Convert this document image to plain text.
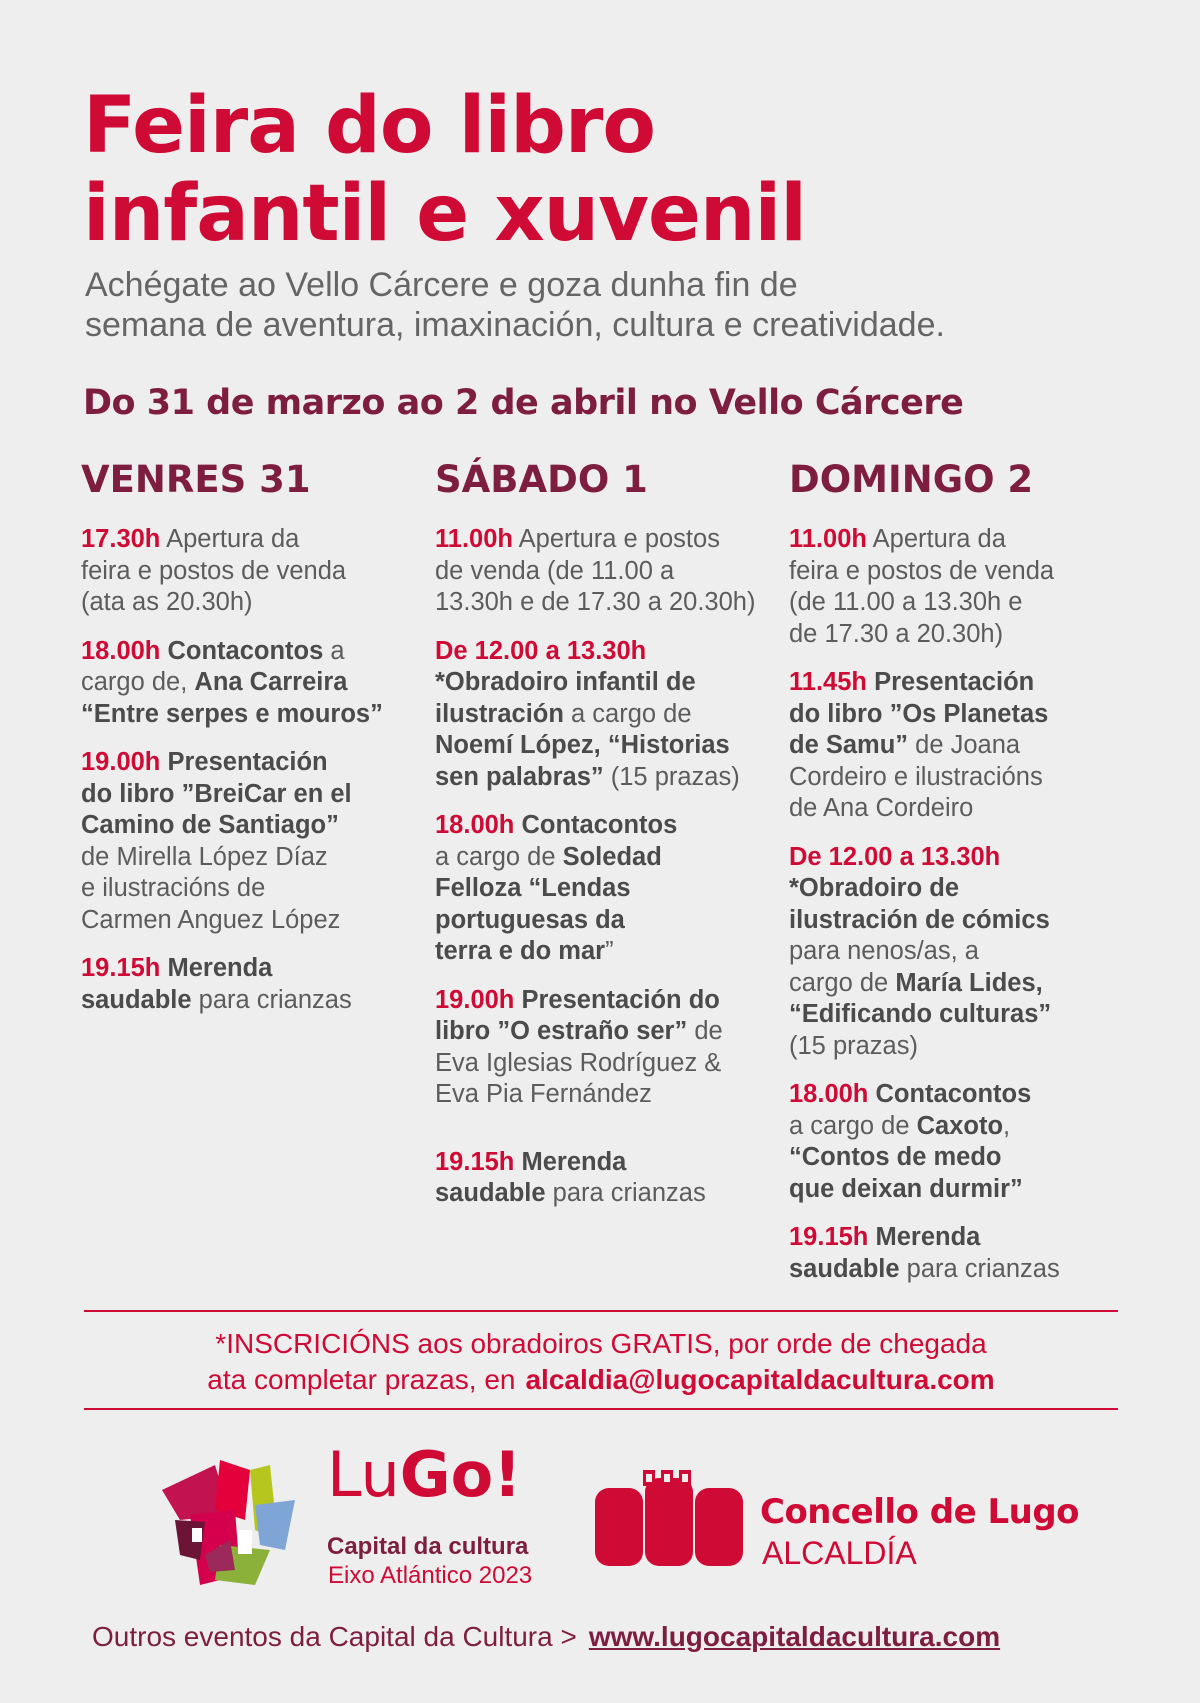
Feira do libro
infantil e xuvenil

Achégate ao Vello Cárcere e goza dunha fin de
semana de aventura, imaxinación, cultura e creatividade.

Do 31 de marzo ao 2 de abril no Vello Cárcere

VENRES 31

17.30h Apertura da
feira e postos de venda
(ata as 20.30h)

18.00h Contacontos a
cargo de, Ana Carreira
“Entre serpes e mouros”

19.00h Presentación
do libro ”BreiCar en el
Camino de Santiago”
de Mirella López Díaz
e ilustracións de
Carmen Anguez López

19.15h Merenda
saudable para crianzas

SÁBADO 1

11.00h Apertura e postos
de venda (de 11.00 a
13.30h e de 17.30 a 20.30h)

De 12.00 a 13.30h
*Obradoiro infantil de
ilustración a cargo de
Noemí López, “Historias
sen palabras” (15 prazas)

18.00h Contacontos
a cargo de Soledad
Felloza “Lendas
portuguesas da
terra e do mar”

19.00h Presentación do
libro ”O estraño ser” de
Eva Iglesias Rodríguez &
Eva Pia Fernández

19.15h Merenda
saudable para crianzas

DOMINGO 2

11.00h Apertura da
feira e postos de venda
(de 11.00 a 13.30h e
de 17.30 a 20.30h)

11.45h Presentación
do libro ”Os Planetas
de Samu” de Joana
Cordeiro e ilustracións
de Ana Cordeiro

De 12.00 a 13.30h
*Obradoiro de
ilustración de cómics
para nenos/as, a
cargo de María Lides,
“Edificando culturas”
(15 prazas)

18.00h Contacontos
a cargo de Caxoto,
“Contos de medo
que deixan durmir”

19.15h Merenda
saudable para crianzas

*INSCRICIÓNS aos obradoiros GRATIS, por orde de chegada
ata completar prazas, en alcaldia@lugocapitaldacultura.com
LuGo!
Capital da cultura
Eixo Atlántico 2023
Concello de Lugo
ALCALDÍA
Outros eventos da Capital da Cultura > www.lugocapitaldacultura.com
